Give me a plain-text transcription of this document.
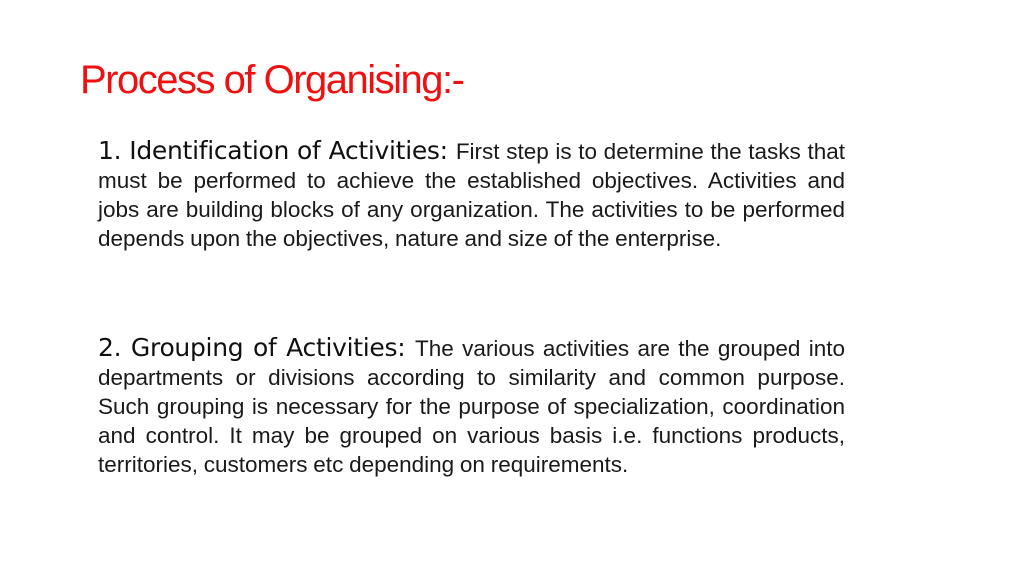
Process of Organising:-

1. Identification of Activities: First step is to determine the tasks that must be performed to achieve the established objectives. Activities and jobs are building blocks of any organization. The activities to be performed depends upon the objectives, nature and size of the enterprise.

2. Grouping of Activities: The various activities are the grouped into departments or divisions according to similarity and common purpose. Such grouping is necessary for the purpose of specialization, coordination and control. It may be grouped on various basis i.e. functions products, territories, customers etc depending on requirements.
